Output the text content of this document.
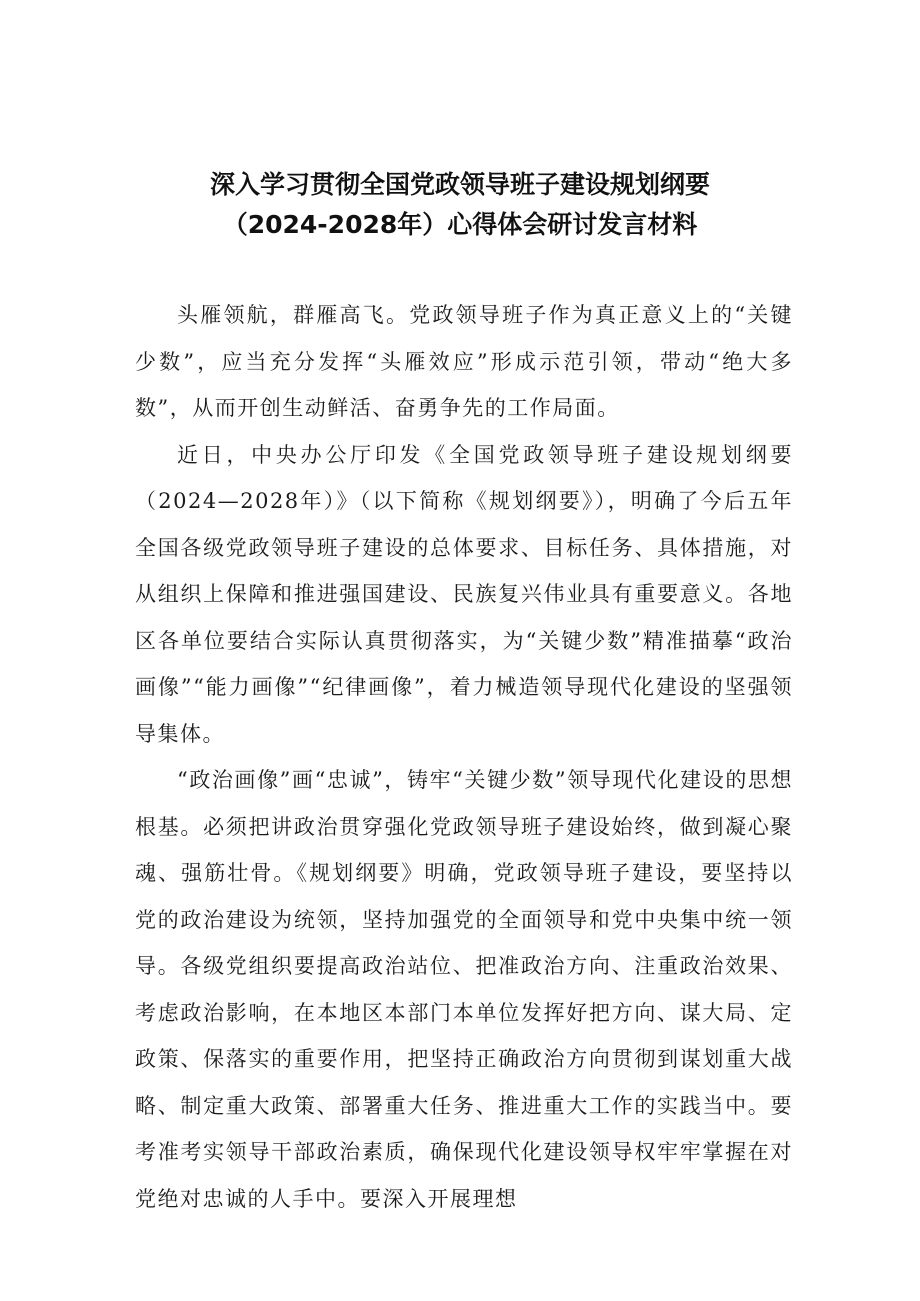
深入学习贯彻全国党政领导班子建设规划纲要
（2024-2028年）心得体会研讨发言材料

头雁领航，群雁高飞。党政领导班子作为真正意义上的“关键少数”，应当充分发挥“头雁效应”形成示范引领，带动“绝大多数”，从而开创生动鲜活、奋勇争先的工作局面。

近日，中央办公厅印发《全国党政领导班子建设规划纲要（2024—2028年）》（以下简称《规划纲要》），明确了今后五年全国各级党政领导班子建设的总体要求、目标任务、具体措施，对从组织上保障和推进强国建设、民族复兴伟业具有重要意义。各地区各单位要结合实际认真贯彻落实，为“关键少数”精准描摹“政治画像”“能力画像”“纪律画像”，着力械造领导现代化建设的坚强领导集体。

“政治画像”画“忠诚”，铸牢“关键少数”领导现代化建设的思想根基。必须把讲政治贯穿强化党政领导班子建设始终，做到凝心聚魂、强筋壮骨。《规划纲要》明确，党政领导班子建设，要坚持以党的政治建设为统领，坚持加强党的全面领导和党中央集中统一领导。各级党组织要提高政治站位、把准政治方向、注重政治效果、考虑政治影响，在本地区本部门本单位发挥好把方向、谋大局、定政策、保落实的重要作用，把坚持正确政治方向贯彻到谋划重大战略、制定重大政策、部署重大任务、推进重大工作的实践当中。要考准考实领导干部政治素质，确保现代化建设领导权牢牢掌握在对党绝对忠诚的人手中。要深入开展理想
